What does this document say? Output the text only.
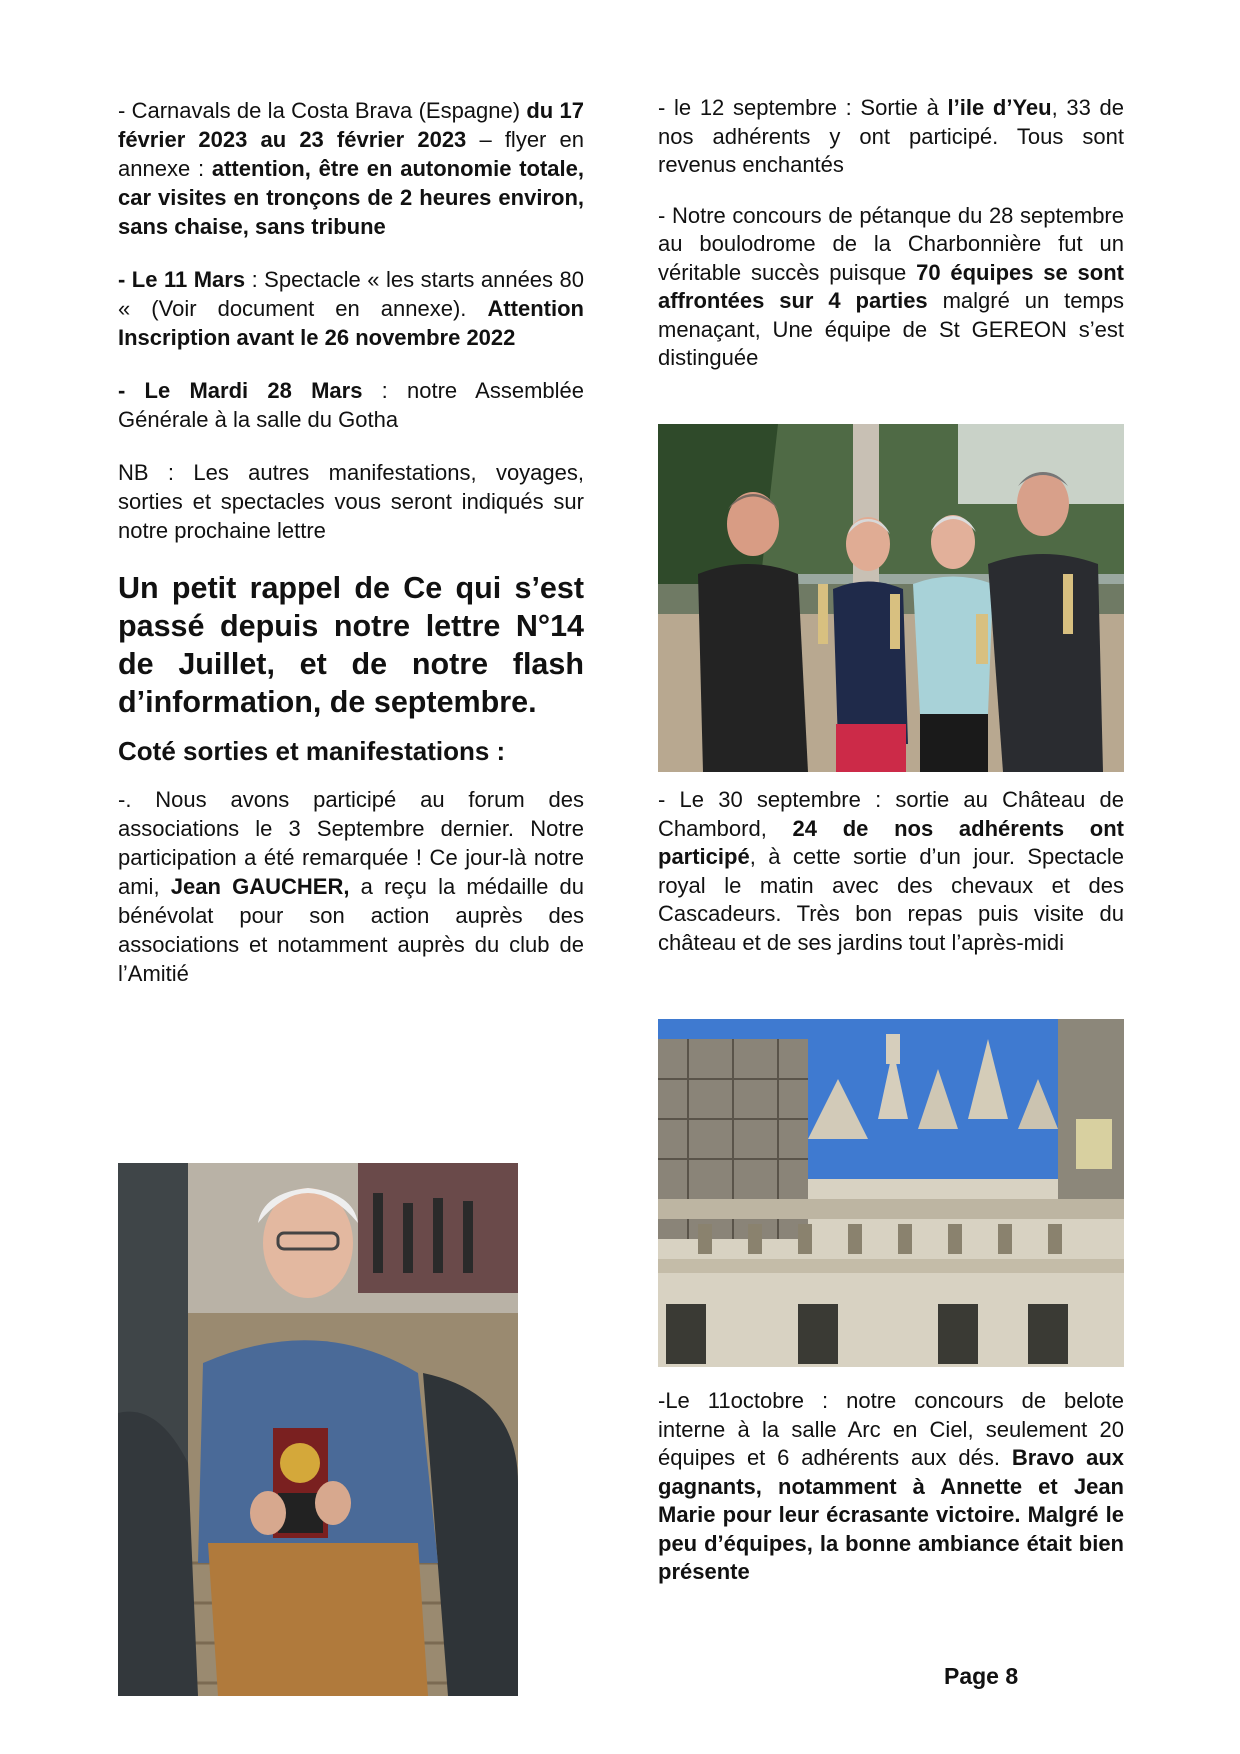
- Carnavals de la Costa Brava (Espagne) du 17 février 2023 au 23 février 2023 – flyer en annexe : attention, être en autonomie totale, car visites en tronçons de 2 heures environ, sans chaise, sans tribune

- Le 11 Mars : Spectacle « les starts années 80 « (Voir document en annexe). Attention Inscription avant le 26 novembre 2022

- Le Mardi 28 Mars : notre Assemblée Générale à la salle du Gotha

NB : Les autres manifestations, voyages, sorties et spectacles vous seront indiqués sur notre prochaine lettre

Un petit rappel de Ce qui s’est passé depuis notre lettre N°14 de Juillet, et de notre flash d’information, de septembre.
Coté sorties et manifestations :

-. Nous avons participé au forum des associations le 3 Septembre dernier. Notre participation a été remarquée ! Ce jour-là notre ami, Jean GAUCHER, a reçu la médaille du bénévolat pour son action auprès des associations et notamment auprès du club de l’Amitié

- le 12 septembre : Sortie à l’ile d’Yeu, 33 de nos adhérents y ont participé. Tous sont revenus enchantés

- Notre concours de pétanque du 28 septembre au boulodrome de la Charbonnière fut un véritable succès puisque 70 équipes se sont affrontées sur 4 parties malgré un temps menaçant, Une équipe de St GEREON s’est distinguée

- Le 30 septembre : sortie au Château de Chambord, 24 de nos adhérents ont participé, à cette sortie d’un jour. Spectacle royal le matin avec des chevaux et des Cascadeurs. Très bon repas puis visite du château et de ses jardins tout l’après-midi

-Le 11octobre : notre concours de belote interne à la salle Arc en Ciel, seulement 20 équipes et 6 adhérents aux dés. Bravo aux gagnants, notamment à Annette et Jean Marie pour leur écrasante victoire. Malgré le peu d’équipes, la bonne ambiance était bien présente

Page 8
